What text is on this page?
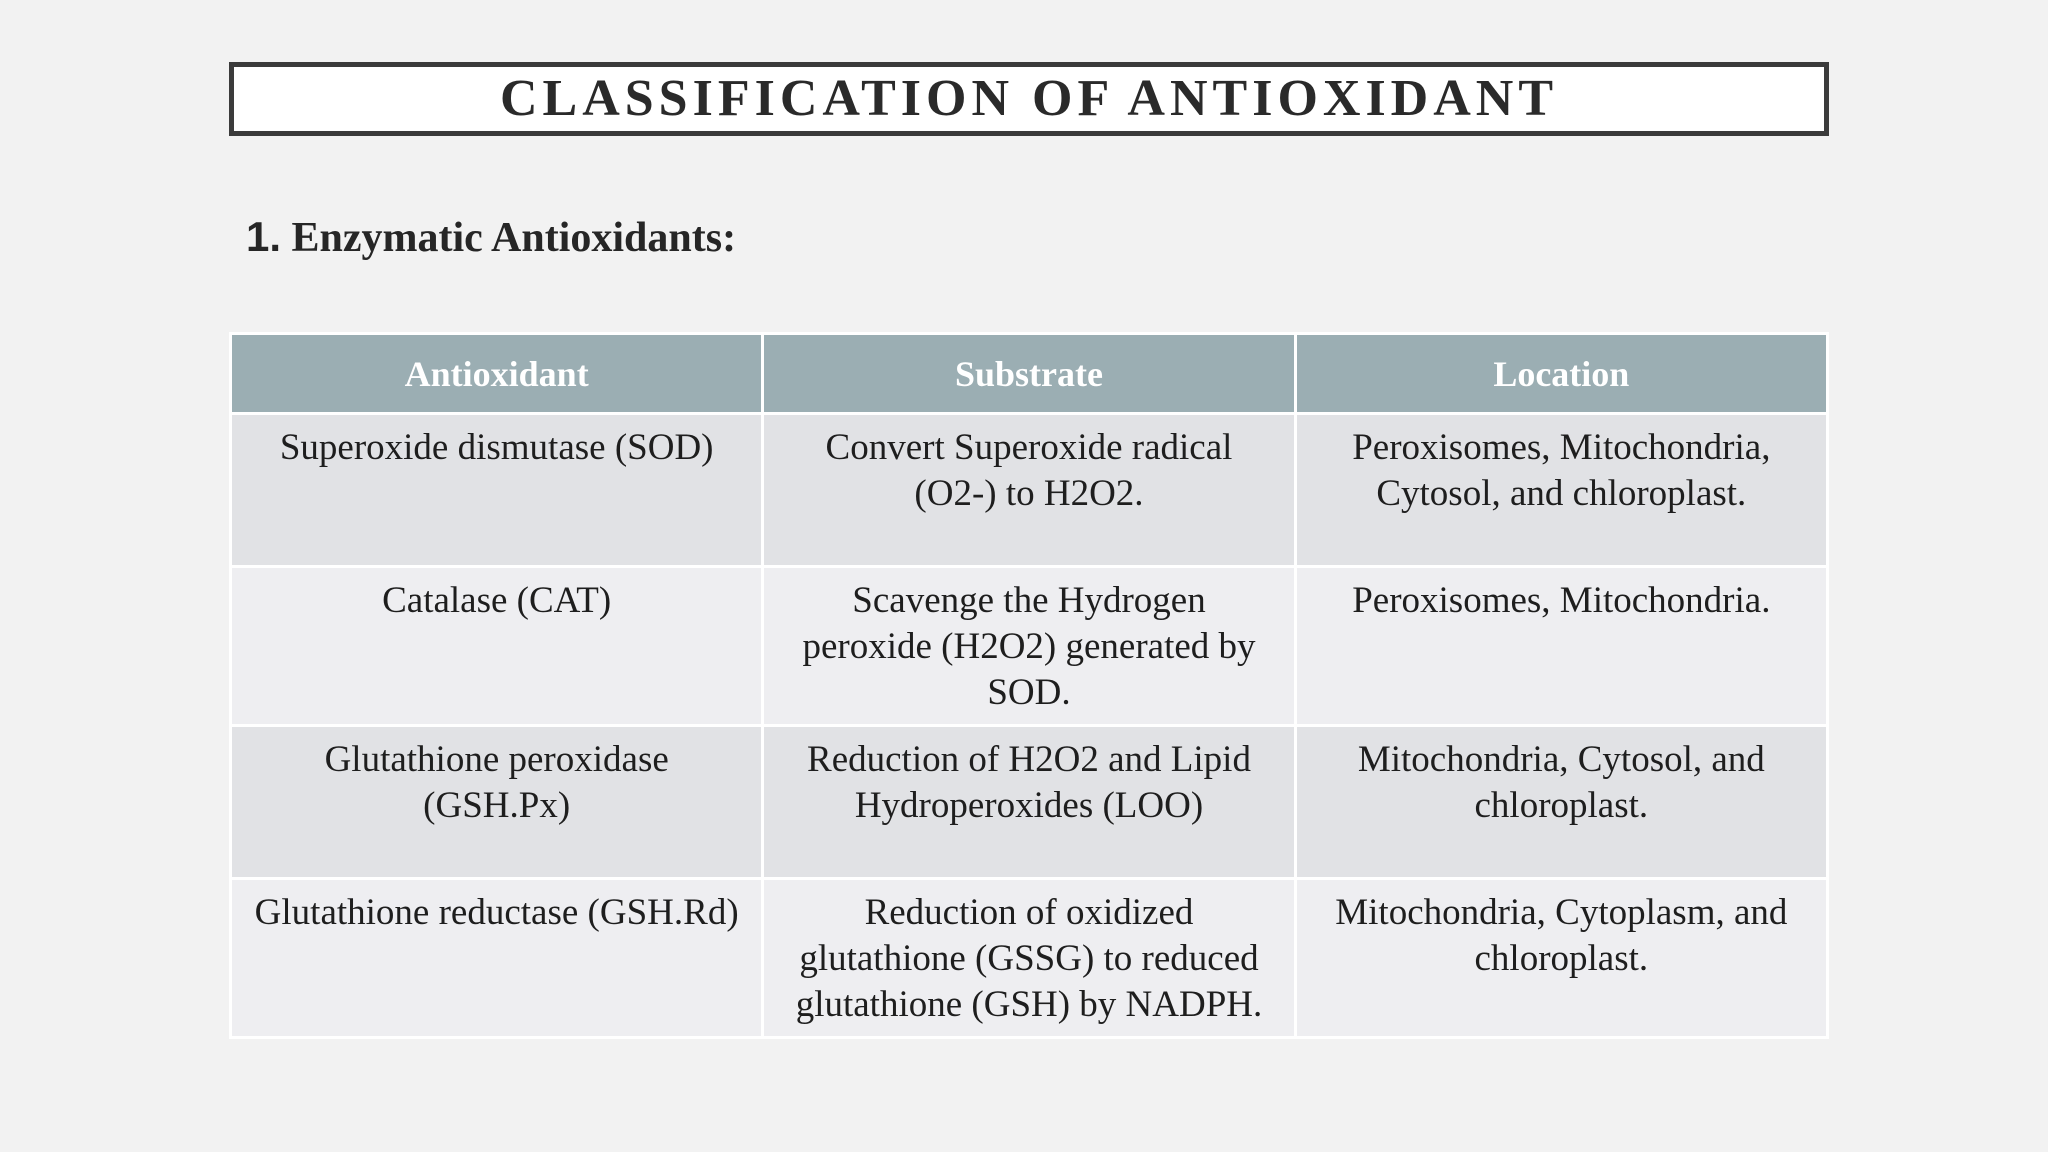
CLASSIFICATION OF ANTIOXIDANT
1. Enzymatic Antioxidants:
Antioxidant	Substrate	Location
Superoxide dismutase (SOD)	Convert Superoxide radical (O2-) to H2O2.	Peroxisomes, Mitochondria, Cytosol, and chloroplast.
Catalase (CAT)	Scavenge the Hydrogen peroxide (H2O2) generated by SOD.	Peroxisomes, Mitochondria.
Glutathione peroxidase (GSH.Px)	Reduction of H2O2 and Lipid Hydroperoxides (LOO)	Mitochondria, Cytosol, and chloroplast.
Glutathione reductase (GSH.Rd)	Reduction of oxidized glutathione (GSSG) to reduced glutathione (GSH) by NADPH.	Mitochondria, Cytoplasm, and chloroplast.
